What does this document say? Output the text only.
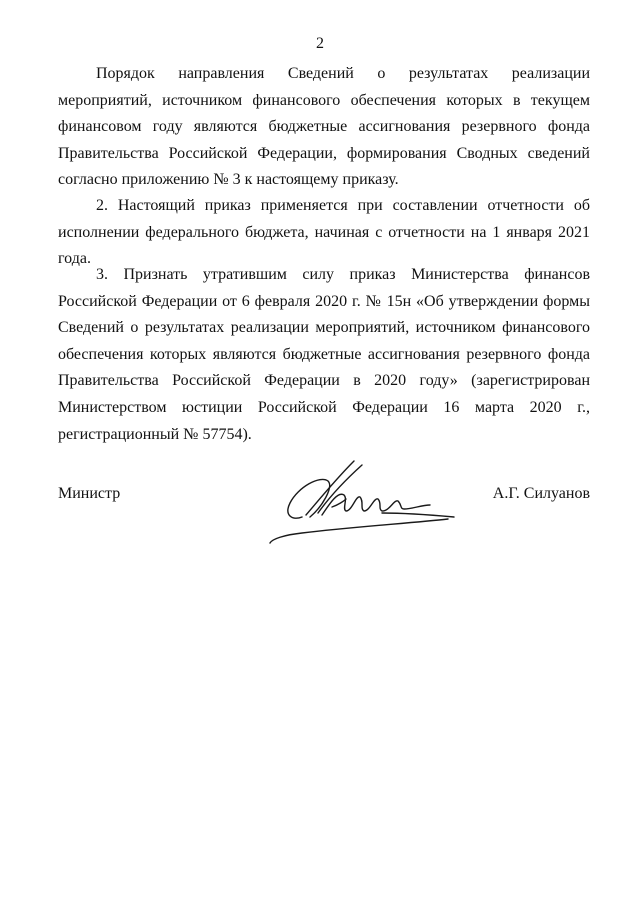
2

Порядок направления Сведений о результатах реализации мероприятий, источником финансового обеспечения которых в текущем финансовом году являются бюджетные ассигнования резервного фонда Правительства Российской Федерации, формирования Сводных сведений согласно приложению № 3 к настоящему приказу.

2. Настоящий приказ применяется при составлении отчетности об исполнении федерального бюджета, начиная с отчетности на 1 января 2021 года.

3. Признать утратившим силу приказ Министерства финансов Российской Федерации от 6 февраля 2020 г. № 15н «Об утверждении формы Сведений о результатах реализации мероприятий, источником финансового обеспечения которых являются бюджетные ассигнования резервного фонда Правительства Российской Федерации в 2020 году» (зарегистрирован Министерством юстиции Российской Федерации 16 марта 2020 г., регистрационный № 57754).

Министр	А.Г. Силуанов
